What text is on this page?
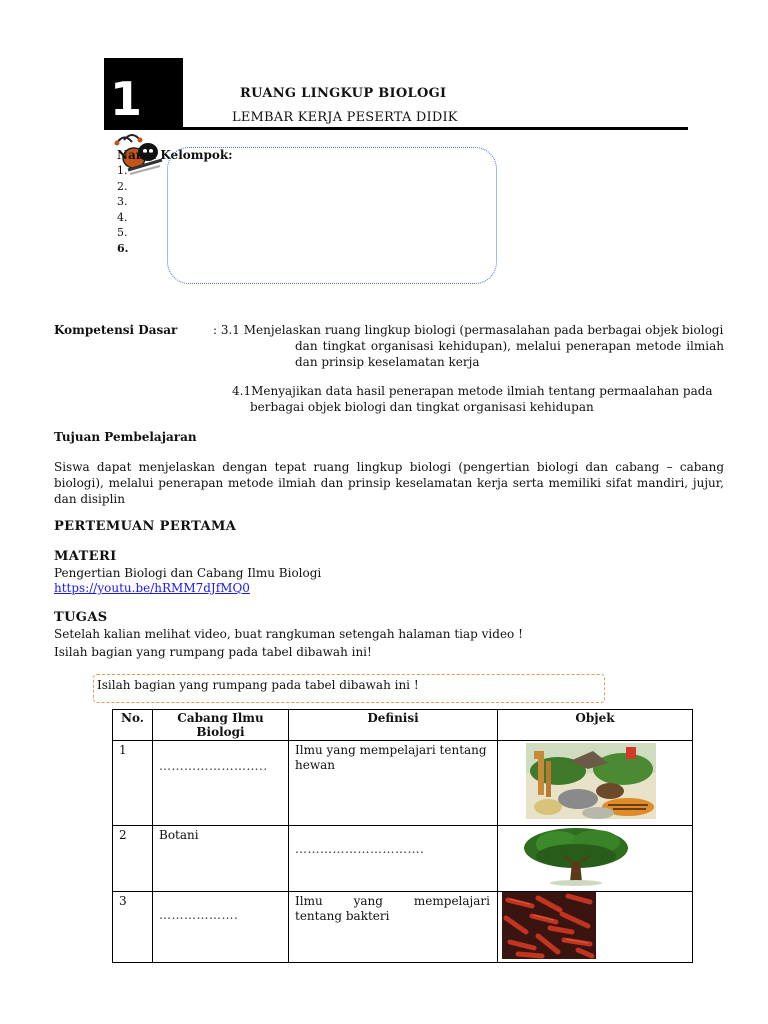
1	RUANG LINGKUP BIOLOGI
LEMBAR KERJA PESERTA DIDIK
Nama Kelompok:
1.
2.
3.
4.
5.
6.
Kompetensi Dasar	: 3.1 Menjelaskan ruang lingkup biologi (permasalahan pada berbagai objek biologi
dan tingkat organisasi kehidupan), melalui penerapan metode ilmiah dan prinsip keselamatan kerja
4.1Menyajikan data hasil penerapan metode ilmiah tentang permaalahan pada
berbagai objek biologi dan tingkat organisasi kehidupan
Tujuan Pembelajaran
Siswa dapat menjelaskan dengan tepat ruang lingkup biologi (pengertian biologi dan cabang – cabang biologi), melalui penerapan metode ilmiah dan prinsip keselamatan kerja serta memiliki sifat mandiri, jujur, dan disiplin
PERTEMUAN PERTAMA
MATERI
Pengertian Biologi dan Cabang Ilmu Biologi
https://youtu.be/hRMM7dJfMQ0
TUGAS
Setelah kalian melihat video, buat rangkuman setengah halaman tiap video !
Isilah bagian yang rumpang pada tabel dibawah ini!
Isilah bagian yang rumpang pada tabel dibawah ini !
No.	Cabang Ilmu Biologi	Definisi	Objek
1	……………………..	Ilmu yang mempelajari tentang hewan	
2	Botani	………………………….	
3	……………….	Ilmu yang mempelajari
tentang bakteri	
